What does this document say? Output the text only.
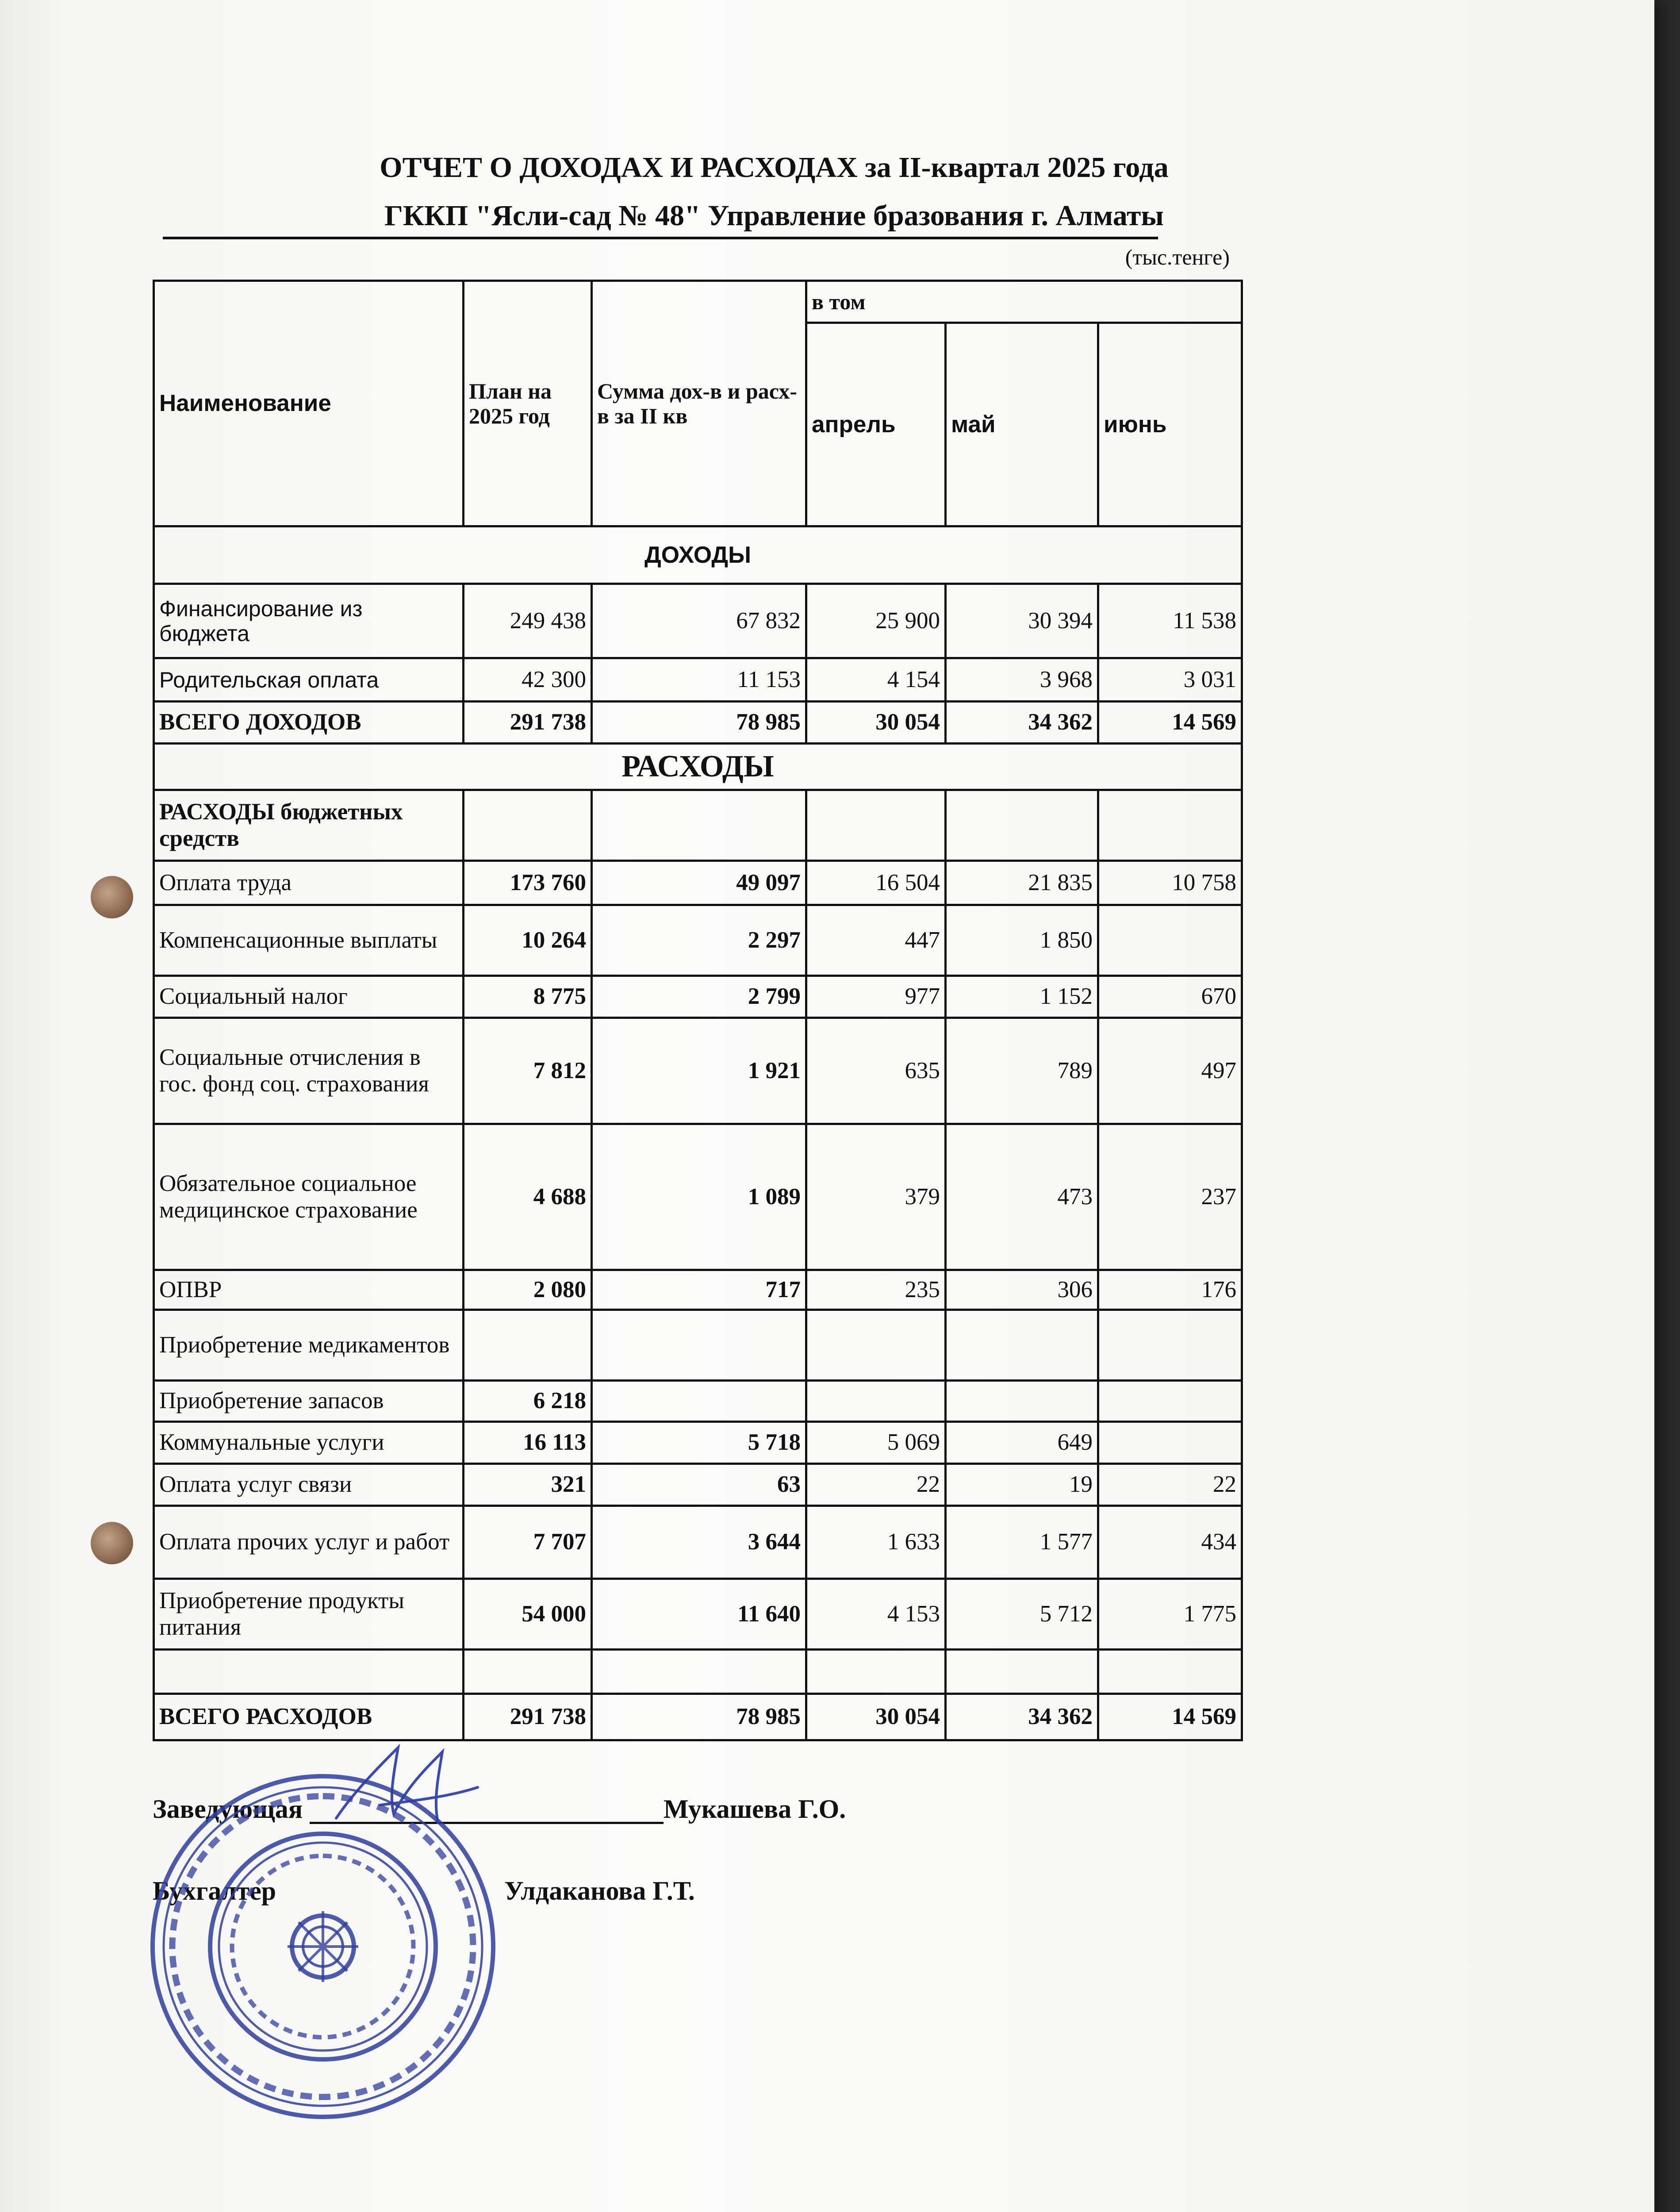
ОТЧЕТ О ДОХОДАХ И РАСХОДАХ за II-квартал 2025 года
ГККП "Ясли-сад № 48" Управление бразования г. Алматы
(тыс.тенге)
Наименование	План на 2025 год	Сумма дох-в и расх-в за II кв	в том		
			апрель	май	июнь
ДОХОДЫ					
Финансирование из бюджета	249 438	67 832	25 900	30 394	11 538
Родительская оплата	42 300	11 153	4 154	3 968	3 031
ВСЕГО ДОХОДОВ	291 738	78 985	30 054	34 362	14 569
РАСХОДЫ					
РАСХОДЫ бюджетных средств					
Оплата труда	173 760	49 097	16 504	21 835	10 758
Компенсационные выплаты	10 264	2 297	447	1 850	
Социальный налог	8 775	2 799	977	1 152	670
Социальные отчисления в гос. фонд соц. страхования	7 812	1 921	635	789	497
Обязательное социальное медицинское страхование	4 688	1 089	379	473	237
ОПВР	2 080	717	235	306	176
Приобретение медикаментов					
Приобретение запасов	6 218				
Коммунальные услуги	16 113	5 718	5 069	649	
Оплата услуг связи	321	63	22	19	22
Оплата прочих услуг и работ	7 707	3 644	1 633	1 577	434
Приобретение продукты питания	54 000	11 640	4 153	5 712	1 775

ВСЕГО РАСХОДОВ	291 738	78 985	30 054	34 362	14 569
Заведующая	Мукашева Г.О.
Бухгалтер	Улдаканова Г.Т.
